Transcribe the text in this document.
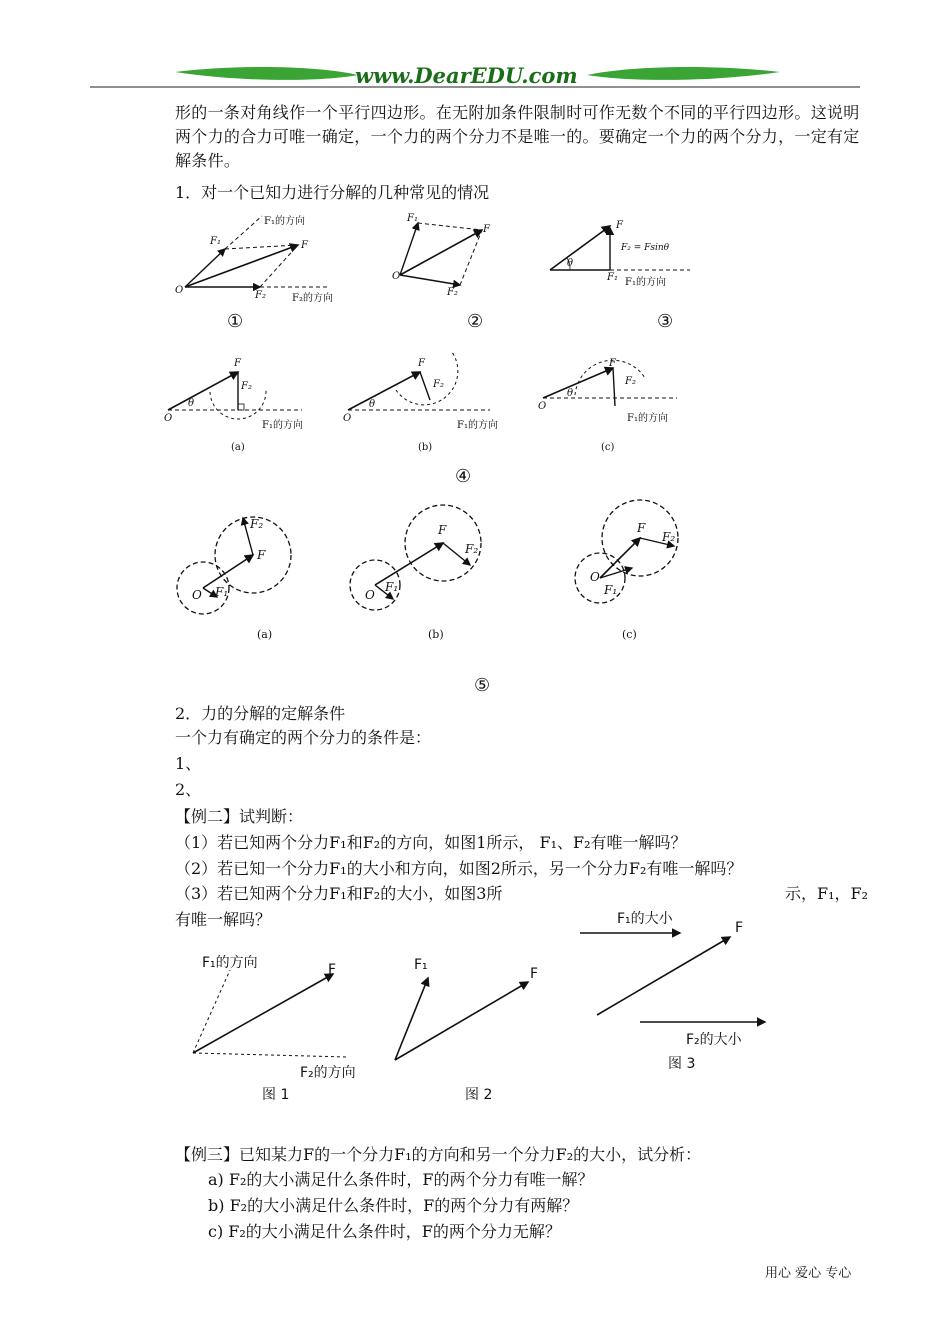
www.DearEDU.com
形的一条对角线作一个平行四边形。在无附加条件限制时可作无数个不同的平行四边形。这说明两个力的合力可唯一确定，一个力的两个分力不是唯一的。要确定一个力的两个分力，一定有定解条件。
1．对一个已知力进行分解的几种常见的情况
F₁的方向
F
F₁
O	F₂	F₂的方向
F₁
F
O
F₂
F
F₂ = Fsinθ
θ
F₁ F₁的方向
①	②	③
F
F₂
O
θ
F₁的方向
F
F₂
O
θ
F₁的方向
F
F₂
O
θ
F₁的方向
(a)	(b)	(c)
④
F₂
F
O F₁
F
F₂
O
F₁
F
F₂
O
F₁
(a)	(b)	(c)
⑤
2．力的分解的定解条件
一个力有确定的两个分力的条件是：
1、
2、
【例二】试判断：
（1）若已知两个分力F₁和F₂的方向，如图1所示， F₁、F₂有唯一解吗？
（2）若已知一个分力F₁的大小和方向，如图2所示，另一个分力F₂有唯一解吗？
（3）若已知两个分力F₁和F₂的大小，如图3所	示，F₁，F₂
有唯一解吗？
F₁的方向	F
F₂的方向
图 1
F₁
F
图 2
F₁的大小
F
F₂的大小
图 3
【例三】已知某力F的一个分力F₁的方向和另一个分力F₂的大小，试分析：
a) F₂的大小满足什么条件时，F的两个分力有唯一解？
b) F₂的大小满足什么条件时，F的两个分力有两解？
c) F₂的大小满足什么条件时，F的两个分力无解？
用心 爱心 专心
